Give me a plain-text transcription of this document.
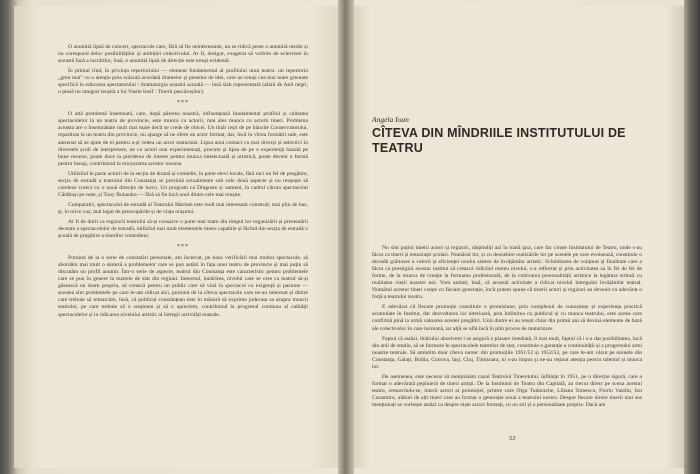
O anumită lipsă de concert, spectacole care, fără să fie neinteresante, nu se ridică peste o anumită medie și nu corespund deloc posibilităților și ambiției colectivului. Ar fi, desigur, exagerat să vorbim de eclectism în această fază a lucrărilor, însă, o anumită lipsă de direcție este totuși evidentă.

În primul rînd, în privința repertoriului — element fundamental al profilului unui teatru: un repertoriu „greu mai” cu o atenție prea scăzută acordată dramelor și pieselor de idei, care au totuși cea mai mare greutate specifică în educarea spectatorului / dramaturgia noastră actuală — însă slab reprezentată (afară de Anii negri, o piesă nu integral reușită a lui Vasile Iosif : Tinerii pescărușilor).

***

O altă problemă însemnată, care, după părerea noastră, influențează fundamental profilul și calitatea spectacolelor la un teatru de provincie, este munca cu actorii, mai ales munca cu actorii tineri. Problema aceasta are o însemnătate mult mai mare decît se crede de obicei. Un tînăr ieșit de pe băncile Conservatorului, repartizat la un teatru din provincie, nu ajunge să ne ofere un actor format, dar, încă în vîrsta formării sale, este antrenat să se ajute de el pentru a-și vedea un actor maturizat. Lipsa unui contact cu mai diverși și selectivi în diversele școli de interpretare, ne cu actori mai experimentați, precum și lipsa de pe o experiență bazată pe bune resurse, poate duce la pierderea de interes pentru munca intelectuală și artistică, poate deveni o formă pentru însuși, contribuind la micșorarea acestor resurse.

Utilizînd în parte actorii de la secția de dramă și comedie, în parte elevi locale, fără nici un fel de pregătire, secția de estradă a teatrului din Constanța se prezintă actualmente sub cele două aspecte și nu reușește să coreleze corect cu o nouă direcție de lucru. Un program ca Dragoste și oameni, în cadrul căruia spectacolul Cărăbuși pe note, și Tony Bulandra — fără să fie încă unul dintre cele mai reușite.

Comparativ, spectacolul de estradă al Teatrului Marinei este mult mai interesant construit, mai plin de haz, și, în orice caz, mai legat de preocupările și de viața orașului.

Ar fi de dorit ca regizorii teatrului să-și consacre o parte mai mare din timpul lor organizării și prezentării decente a spectacolelor de estradă, utilizînd mai mult elementele tinere capabile și făcînd din secția de estradă o școală de pregătire a tinerilor comedieni.

***

Pornind de la o serie de constatări personale, am încercat, pe baza verificării mai multor spectacole, să abordăm mai mult o sinteză a problemelor care se pun astăzi în fața unui teatru de provincie și mai puțin să discutăm un profil anumit. Într-o serie de aspecte, teatrul din Constanța este caracteristic pentru problemele care se pun în genere la teatrele de stat din regiuni. Interesul, hotărîrea, nivelul care se cere ca teatrul să-și găsească un drum propriu, să crească pentru un public care să vină la spectacol cu exigență și pasiune — acestea sînt problemele pe care le-am ridicat aici, pornind de la cîteva spectacole care ne-au interesat și dintre care trebuie să remarcăm, însă, că publicul constănțean este în măsură să exprime judecata sa asupra muncii teatrului, pe care trebuie să o susținem și să o apreciem, contribuind la progresul continuu al calității spectacolelor și la ridicarea nivelului artistic al întregii activități teatrale.

Angela Ioan
CÎTEVA DIN MÎNDRIILE INSTITUTULUI DE TEATRU

Nu sînt puțini tinerii actori și regizori, răspîndiți azi în toată țara, care fac cinste Institutului de Teatru, unde s-au făcut ca tineri și entuziaști școlari. Numărul lor, și cu deosebire realizările lor pe scenele pe care evoluează, constituie o dovadă grăitoare a valorii și eficienței noului sistem de învățămînt artistic. Schimbarea de conținut și finalitate care a făcut ca prestigiul acestui institut să crească ridicînd mereu nivelul, s-a reflectat și prin activitatea sa în fel de fel de forme, de la munca de creație la formarea profesională, de la cultivarea personalității artistice la legătura strînsă cu realitatea vieții noastre noi. Vom aminti, însă, că această activitate a ridicat nivelul întregului învățămînt teatral. Numărul acestor tineri crește cu fiecare generație, încît putem spune că tinerii actori și regizori au devenit cu adevărat o forță a teatrului nostru.

E adevărat că fiecare promoție constituie o promisiune, prin complexul de cunoștințe și experiența practică acumulate în Institut, dar dezvoltarea lor ulterioară, prin întîlnirea cu publicul și cu munca teatrului, este aceea care confirmă pînă la urmă valoarea acestei pregătiri. Unii dintre ei au reușit chiar din primii ani să devină elemente de bază ale colectivelor în care lucrează, iar alții se află încă în plin proces de maturizare.

Faptul că astăzi, tînărului absolvent i se asigură o plasare imediată, îi mai mult, faptul că i s-a dat posibilitatea, încă din anii de studiu, să se formeze în spectacolele teatrelor de stat, constituie o garanție a continuității și a progresului artei noastre teatrale. Să amintim doar cîteva nume: din promoțiile 1951/52 și 1952/53, pe care le-am văzut pe scenele din Constanța, Galați, Brăila, Craiova, Iași, Cluj, Timișoara, ni s-au impus și ne-au reținut atenția pentru talentul și munca lor.

De asemenea, este necesar să menționăm cazul Teatrului Tineretului, înființat în 1951, pe o direcție sigură, care a format o adevărată pepinieră de tineri artiști. De la Institutul de Teatru din Capitală, au trecut direct pe scena acestui teatru, remarcîndu-se, tinerii actori ai promoției, printre care Olga Tudorache, Liliana Tomescu, Florin Vasiliu, Ion Caramitru, alături de alți tineri care au format o generație nouă a teatrului nostru. Despre fiecare dintre tinerii mai sus menționați se vorbește astăzi ca despre niște actori formați, cu un stil și o personalitate proprie. Dacă am

53
